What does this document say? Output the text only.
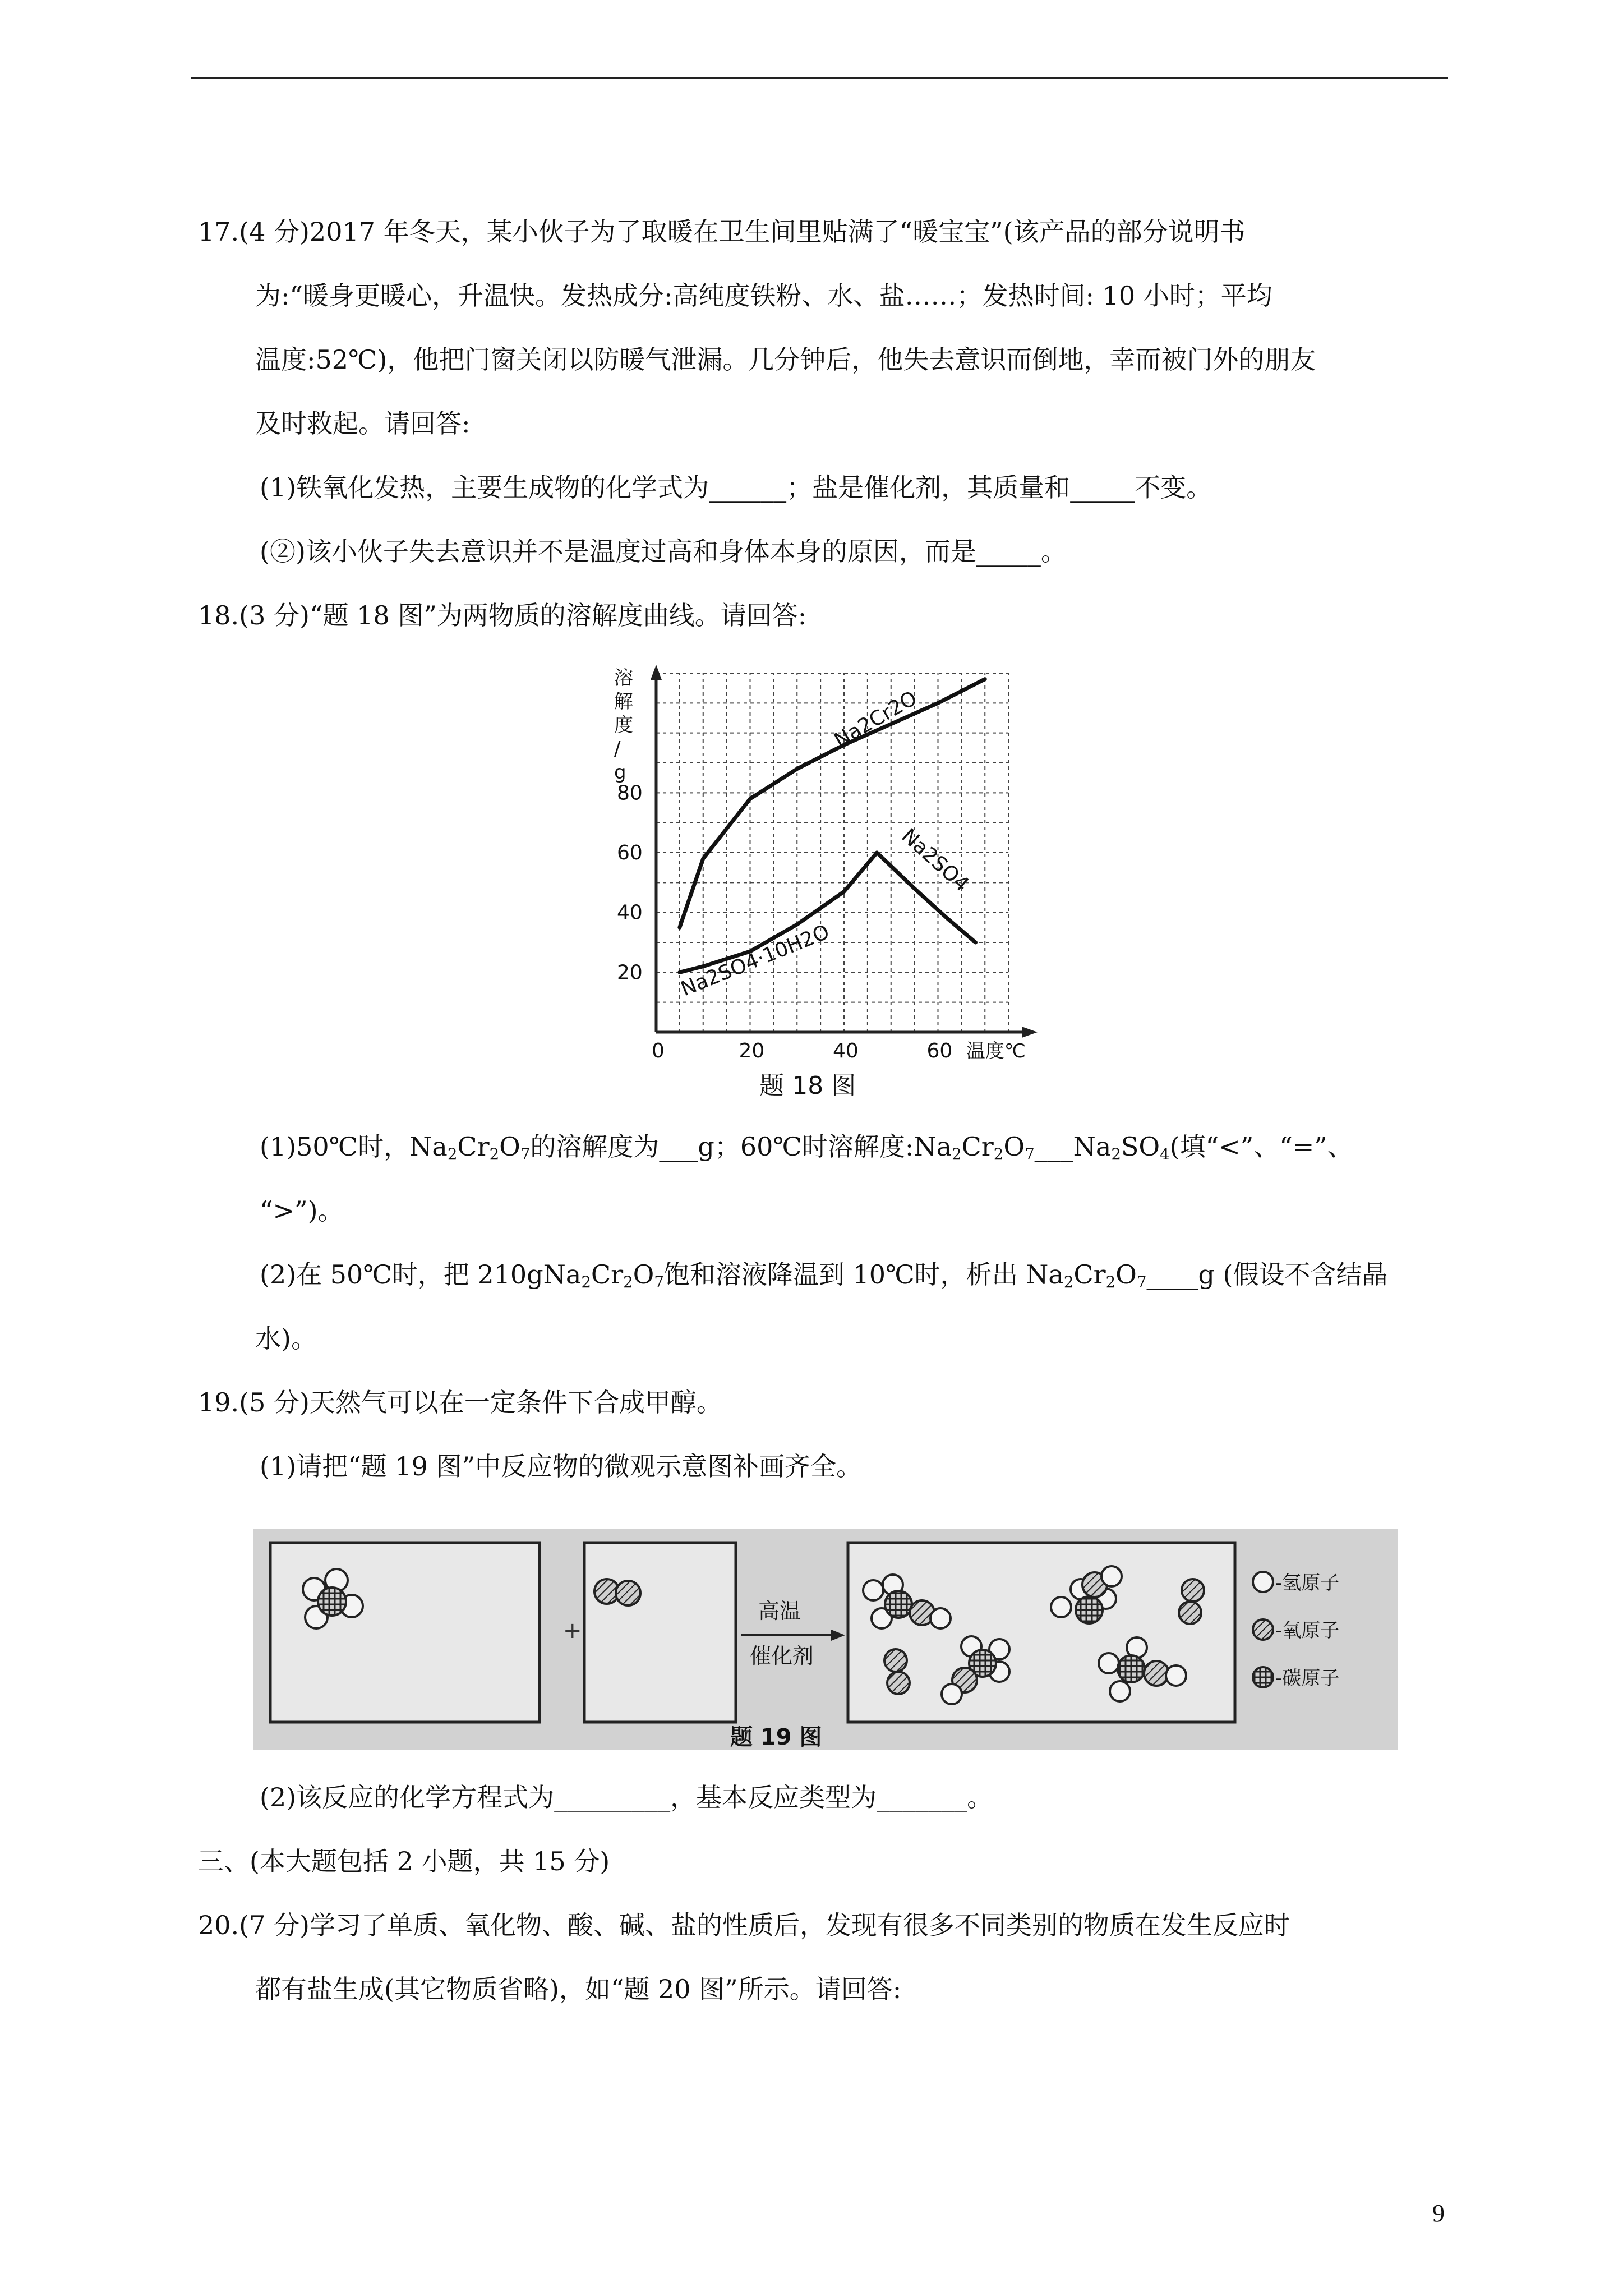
17.(4 分)2017 年冬天，某小伙子为了取暖在卫生间里贴满了“暖宝宝”(该产品的部分说明书
为:“暖身更暖心，升温快。发热成分:高纯度铁粉、水、盐……；发热时间: 10 小时；平均
温度:52℃)，他把门窗关闭以防暖气泄漏。几分钟后，他失去意识而倒地，幸而被门外的朋友
及时救起。请回答:
(1)铁氧化发热，主要生成物的化学式为______；盐是催化剂，其质量和_____不变。
(②)该小伙子失去意识并不是温度过高和身体本身的原因，而是_____。
18.(3 分)“题 18 图”为两物质的溶解度曲线。请回答:
0	20	40	60
20
40
60
80
溶
解
度
/
g
温度℃
题 18 图
Na2Cr2O
Na2SO4·10H2O
Na2SO4
(1)50℃时，$Na_2Cr_2O_7$的溶解度为___g；60℃时溶解度$:Na_2Cr_2O_7\_\_\_Na_2SO_4$(填“<”、“=”、
“>”)。
(2)在 50℃时，把 $210gNa_2Cr_2O_7$饱和溶液降温到 10℃时，析出 $Na_2Cr_2O_7\_\_\_\_g$ (假设不含结晶
水)。
19.(5 分)天然气可以在一定条件下合成甲醇。
(1)请把“题 19 图”中反应物的微观示意图补画齐全。
+
高温
催化剂
-氢原子
-氧原子
-碳原子
题 19 图
(2)该反应的化学方程式为_________，基本反应类型为_______。
三、(本大题包括 2 小题，共 15 分)
20.(7 分)学习了单质、氧化物、酸、碱、盐的性质后，发现有很多不同类别的物质在发生反应时
都有盐生成(其它物质省略)，如“题 20 图”所示。请回答:
9
